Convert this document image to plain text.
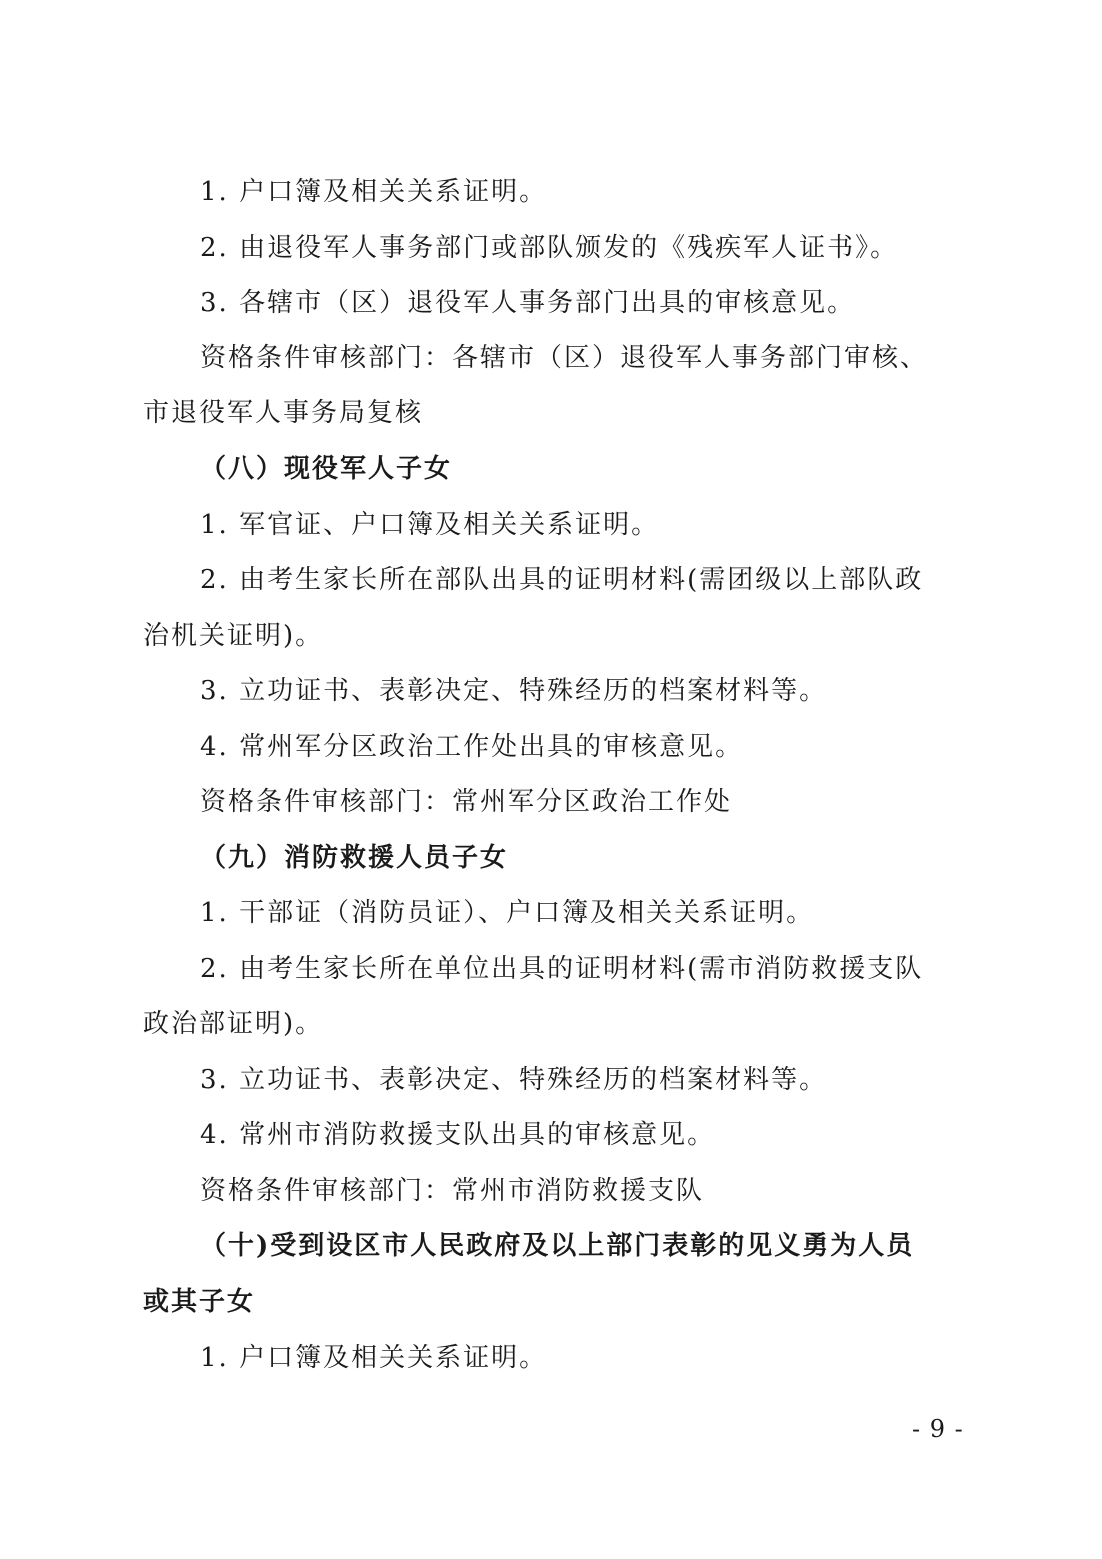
1. 户口簿及相关关系证明。
2. 由退役军人事务部门或部队颁发的《残疾军人证书》。
3. 各辖市（区）退役军人事务部门出具的审核意见。
资格条件审核部门：各辖市（区）退役军人事务部门审核、
市退役军人事务局复核
（八）现役军人子女
1. 军官证、户口簿及相关关系证明。
2. 由考生家长所在部队出具的证明材料(需团级以上部队政
治机关证明)。
3. 立功证书、表彰决定、特殊经历的档案材料等。
4. 常州军分区政治工作处出具的审核意见。
资格条件审核部门：常州军分区政治工作处
（九）消防救援人员子女
1. 干部证（消防员证）、户口簿及相关关系证明。
2. 由考生家长所在单位出具的证明材料(需市消防救援支队
政治部证明)。
3. 立功证书、表彰决定、特殊经历的档案材料等。
4. 常州市消防救援支队出具的审核意见。
资格条件审核部门：常州市消防救援支队
（十)受到设区市人民政府及以上部门表彰的见义勇为人员
或其子女
1. 户口簿及相关关系证明。
- 9 -
